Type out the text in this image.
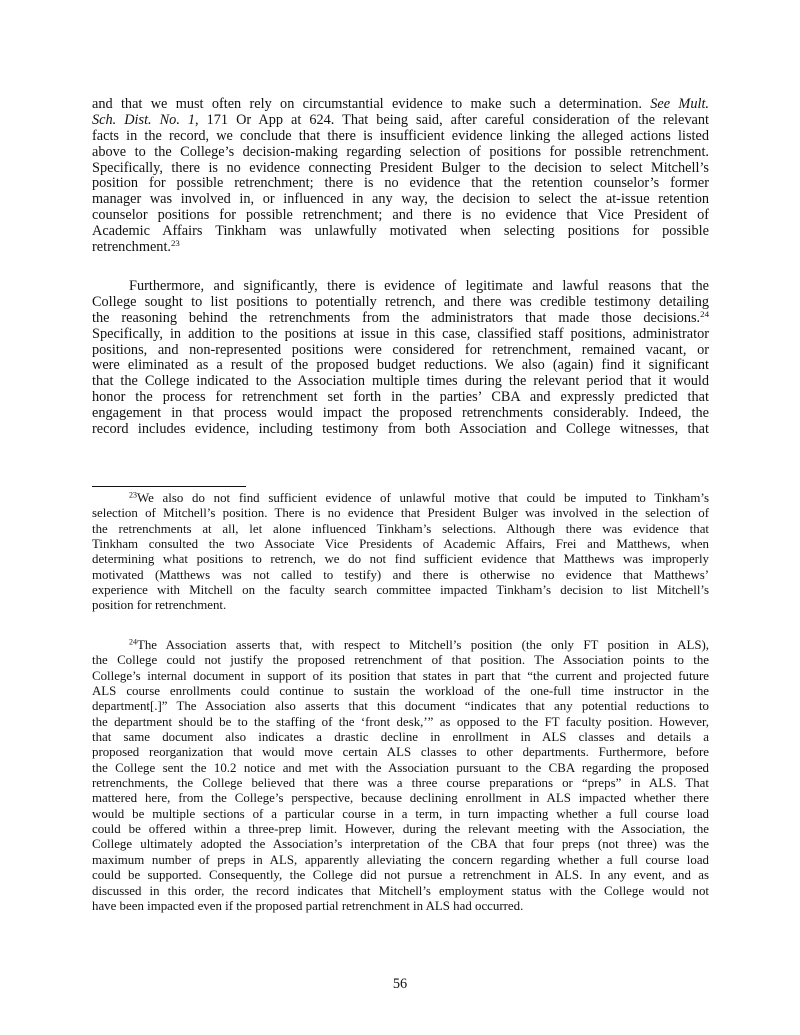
and that we must often rely on circumstantial evidence to make such a determination. See Mult.
Sch. Dist. No. 1, 171 Or App at 624. That being said, after careful consideration of the relevant
facts in the record, we conclude that there is insufficient evidence linking the alleged actions listed
above to the College’s decision-making regarding selection of positions for possible retrenchment.
Specifically, there is no evidence connecting President Bulger to the decision to select Mitchell’s
position for possible retrenchment; there is no evidence that the retention counselor’s former
manager was involved in, or influenced in any way, the decision to select the at-issue retention
counselor positions for possible retrenchment; and there is no evidence that Vice President of
Academic Affairs Tinkham was unlawfully motivated when selecting positions for possible
retrenchment.$^{23}$
Furthermore, and significantly, there is evidence of legitimate and lawful reasons that the
College sought to list positions to potentially retrench, and there was credible testimony detailing
the reasoning behind the retrenchments from the administrators that made those decisions.$^{24}$
Specifically, in addition to the positions at issue in this case, classified staff positions, administrator
positions, and non-represented positions were considered for retrenchment, remained vacant, or
were eliminated as a result of the proposed budget reductions. We also (again) find it significant
that the College indicated to the Association multiple times during the relevant period that it would
honor the process for retrenchment set forth in the parties’ CBA and expressly predicted that
engagement in that process would impact the proposed retrenchments considerably. Indeed, the
record includes evidence, including testimony from both Association and College witnesses, that
$^{23}$We also do not find sufficient evidence of unlawful motive that could be imputed to Tinkham’s
selection of Mitchell’s position. There is no evidence that President Bulger was involved in the selection of
the retrenchments at all, let alone influenced Tinkham’s selections. Although there was evidence that
Tinkham consulted the two Associate Vice Presidents of Academic Affairs, Frei and Matthews, when
determining what positions to retrench, we do not find sufficient evidence that Matthews was improperly
motivated (Matthews was not called to testify) and there is otherwise no evidence that Matthews’
experience with Mitchell on the faculty search committee impacted Tinkham’s decision to list Mitchell’s
position for retrenchment.
$^{24}$The Association asserts that, with respect to Mitchell’s position (the only FT position in ALS),
the College could not justify the proposed retrenchment of that position. The Association points to the
College’s internal document in support of its position that states in part that “the current and projected future
ALS course enrollments could continue to sustain the workload of the one-full time instructor in the
department[.]” The Association also asserts that this document “indicates that any potential reductions to
the department should be to the staffing of the ‘front desk,’” as opposed to the FT faculty position. However,
that same document also indicates a drastic decline in enrollment in ALS classes and details a
proposed reorganization that would move certain ALS classes to other departments. Furthermore, before
the College sent the 10.2 notice and met with the Association pursuant to the CBA regarding the proposed
retrenchments, the College believed that there was a three course preparations or “preps” in ALS. That
mattered here, from the College’s perspective, because declining enrollment in ALS impacted whether there
would be multiple sections of a particular course in a term, in turn impacting whether a full course load
could be offered within a three-prep limit. However, during the relevant meeting with the Association, the
College ultimately adopted the Association’s interpretation of the CBA that four preps (not three) was the
maximum number of preps in ALS, apparently alleviating the concern regarding whether a full course load
could be supported. Consequently, the College did not pursue a retrenchment in ALS. In any event, and as
discussed in this order, the record indicates that Mitchell’s employment status with the College would not
have been impacted even if the proposed partial retrenchment in ALS had occurred.
56
